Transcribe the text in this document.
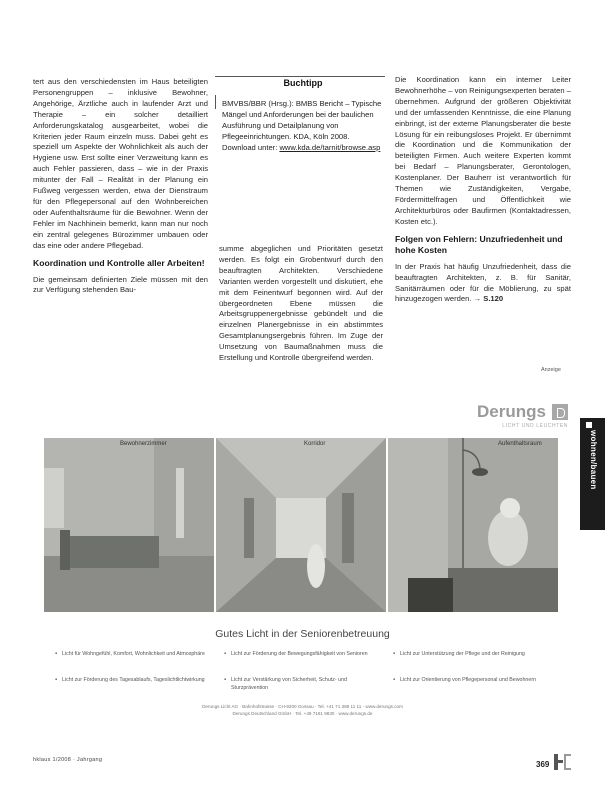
tert aus den verschiedensten im Haus beteiligten Personengruppen – inklusive Bewohner, Angehörige, Ärztliche auch in laufender Arzt und Therapie – ein solcher detailliert Anforderungskatalog ausgearbeitet, wobei die Kriterien jeder Raum einzeln muss. Dabei geht es speziell um Aspekte der Wohnlichkeit als auch der Hygiene usw. Erst sollte einer Verzweitung kann es auch Fehler passieren, dass – wie in der Praxis mitunter der Fall – Realität in der Planung ein Fußweg vergessen werden, etwa der Dienstraum für den Pflegepersonal auf den Wohnbereichen oder Aufenthaltsräume für die Bewohner. Wenn der Fehler im Nachhinein bemerkt, kann man nur noch ein zentral gelegenes Bürozimmer umbauen oder das eine oder andere Pflegebad.

Koordination und Kontrolle aller Arbeiten!

Die gemeinsam definierten Ziele müssen mit den zur Verfügung stehenden Bau-

Buchtipp
BMVBS/BBR (Hrsg.): BMBS Bericht – Typische Mängel und Anforderungen bei der baulichen Ausführung und Detailplanung von Pflegeeinrichtungen. KDA, Köln 2008. Download unter: www.kda.de/tarnit/browse.asp

summe abgeglichen und Prioritäten gesetzt werden. Es folgt ein Grobentwurf durch den beauftragten Architekten. Verschiedene Varianten werden vorgestellt und diskutiert, ehe mit dem Feinentwurf begonnen wird. Auf der übergeordneten Ebene müssen die Arbeitsgruppenergebnisse gebündelt und die einzelnen Planergebnisse in ein abstimmtes Gesamtplanungsergebnis führen. Im Zuge der Umsetzung von Baumaßnahmen muss die Erstellung und Kontrolle übergreifend werden.

Die Koordination kann ein interner Leiter Bewohnerhöhe – von Reinigungsexperten beraten – übernehmen. Aufgrund der größeren Objektivität und der umfassenden Kenntnisse, die eine Planung einbringt, ist der externe Planungsberater die beste Lösung für ein reibungsloses Projekt. Er übernimmt die Koordination und die Kommunikation der beteiligten Firmen. Auch weitere Experten kommt bei Bedarf – Planungsberater, Gerontologen, Kostenplaner. Der Bauherr ist verantwortlich für Themen wie Zuständigkeiten, Vergabe, Fördermittelfragen und Öffentlichkeit wie Architekturbüros oder Baufirmen (Kontaktadressen, Kosten etc.).

Folgen von Fehlern: Unzufriedenheit und hohe Kosten

In der Praxis hat häufig Unzufriedenheit, dass die beauftragten Architekten, z. B. für Sanitär, Sanitärräumen oder für die Möblierung, zu spät hinzugezogen werden. → S.120

Anzeige
wohnen/bauen
Derungs
LICHT UND LEUCHTEN
Bewohnerzimmer	Korridor	Aufenthaltsraum
Gutes Licht in der Seniorenbetreuung
▪ Licht für Wohngefühl, Komfort, Wohnlichkeit und Atmosphäre
▪ Licht zur Förderung des Tagesablaufs, Tageslichtlichtwirkung
▪ Licht zur Förderung der Bewegungsfähigkeit von Senioren
▪ Licht zur Verstärkung von Sicherheit, Schutz- und Sturzprävention
▪ Licht zur Unterstützung der Pflege und der Reinigung
▪ Licht zur Orientierung von Pflegepersonal und Bewohnern
Derungs Licht AG · Bahnhofstrasse · CH-9200 Gossau · Tel. +41 71 388 11 11 · www.derungs.com
Derungs Deutschland GmbH · Tel. +49 7161 9830 · www.derungs.de
hklaus 1/2008 · Jahrgang	369
